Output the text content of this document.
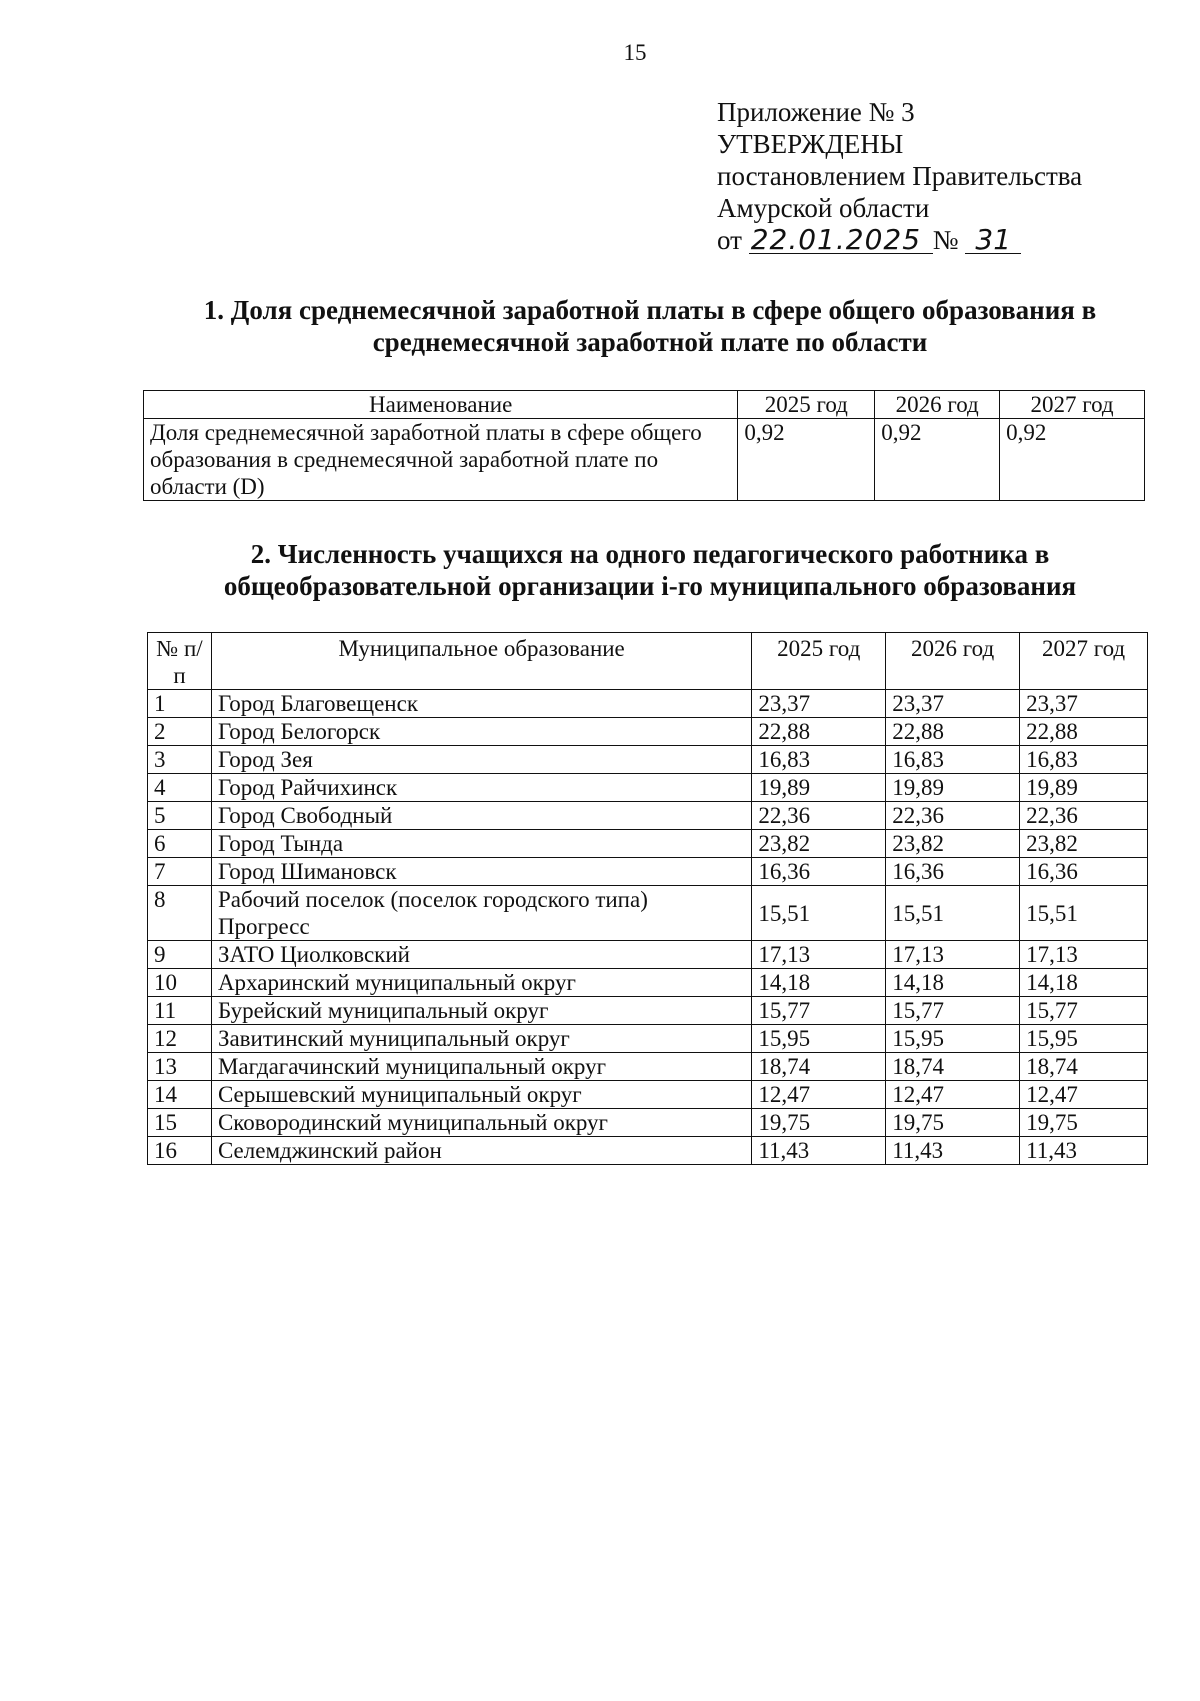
15
Приложение № 3
УТВЕРЖДЕНЫ
постановлением Правительства
Амурской области
от 22.01.2025 № 31
1. Доля среднемесячной заработной платы в сфере общего образования в среднемесячной заработной плате по области
Наименование	2025 год	2026 год	2027 год
Доля среднемесячной заработной платы в сфере общего образования в среднемесячной заработной плате по области (D)	0,92	0,92	0,92
2. Численность учащихся на одного педагогического работника в общеобразовательной организации i-го муниципального образования
№ п/п	Муниципальное образование	2025 год	2026 год	2027 год
1	Город Благовещенск	23,37	23,37	23,37
2	Город Белогорск	22,88	22,88	22,88
3	Город Зея	16,83	16,83	16,83
4	Город Райчихинск	19,89	19,89	19,89
5	Город Свободный	22,36	22,36	22,36
6	Город Тында	23,82	23,82	23,82
7	Город Шимановск	16,36	16,36	16,36
8	Рабочий поселок (поселок городского типа) Прогресс	15,51	15,51	15,51
9	ЗАТО Циолковский	17,13	17,13	17,13
10	Архаринский муниципальный округ	14,18	14,18	14,18
11	Бурейский муниципальный округ	15,77	15,77	15,77
12	Завитинский муниципальный округ	15,95	15,95	15,95
13	Магдагачинский муниципальный округ	18,74	18,74	18,74
14	Серышевский муниципальный округ	12,47	12,47	12,47
15	Сковородинский муниципальный округ	19,75	19,75	19,75
16	Селемджинский район	11,43	11,43	11,43
